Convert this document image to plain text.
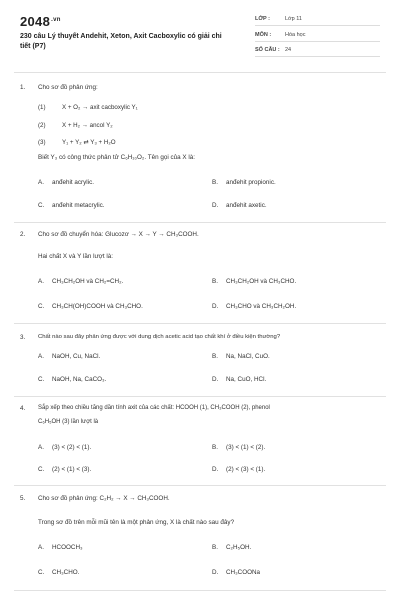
$2048^{.vn}$
230 câu Lý thuyết Andehit, Xeton, Axit Cacboxylic có giải chi tiết (P7)
LỚP :	Lớp 11
MÔN :	Hóa học
SỐ CÂU : 24
1. Cho sơ đồ phản ứng:
(1)	X + O₂ → axit cacboxylic Y₁
(2)	X + H₂ → ancol Y₂
(3)	Y₁ + Y₂ ⇄ Y₃ + H₂O
Biết Y₃ có công thức phân tử C₆H₁₀O₂. Tên gọi của X là:
A. anđehit acrylic.	B. anđehit propionic.
C. anđehit metacrylic.	D. anđehit axetic.
2. Cho sơ đồ chuyển hóa: Glucozơ → X → Y → CH₃COOH.
Hai chất X và Y lần lượt là:
A. CH₃CH₂OH và CH₂=CH₂.	B. CH₃CH₂OH và CH₃CHO.
C. CH₃CH(OH)COOH và CH₃CHO.	D. CH₃CHO và CH₃CH₂OH.
3. Chất nào sau đây phản ứng được với dung dịch acetic acid tạo chất khí ở điều kiện thường?
A. NaOH, Cu, NaCl.	B. Na, NaCl, CuO.
C. NaOH, Na, CaCO₃.	D. Na, CuO, HCl.
4. Sắp xếp theo chiều tăng dần tính axit của các chất: HCOOH (1), CH₃COOH (2), phenol
C₆H₅OH (3) lần lượt là
A. (3) < (2) < (1).	B. (3) < (1) < (2).
C. (2) < (1) < (3).	D. (2) < (3) < (1).
5. Cho sơ đồ phản ứng: C₂H₂ → X → CH₃COOH.
Trong sơ đồ trên mỗi mũi tên là một phản ứng, X là chất nào sau đây?
A. HCOOCH₃	B. C₂H₅OH.
C. CH₃CHO.	D. CH₃COONa
